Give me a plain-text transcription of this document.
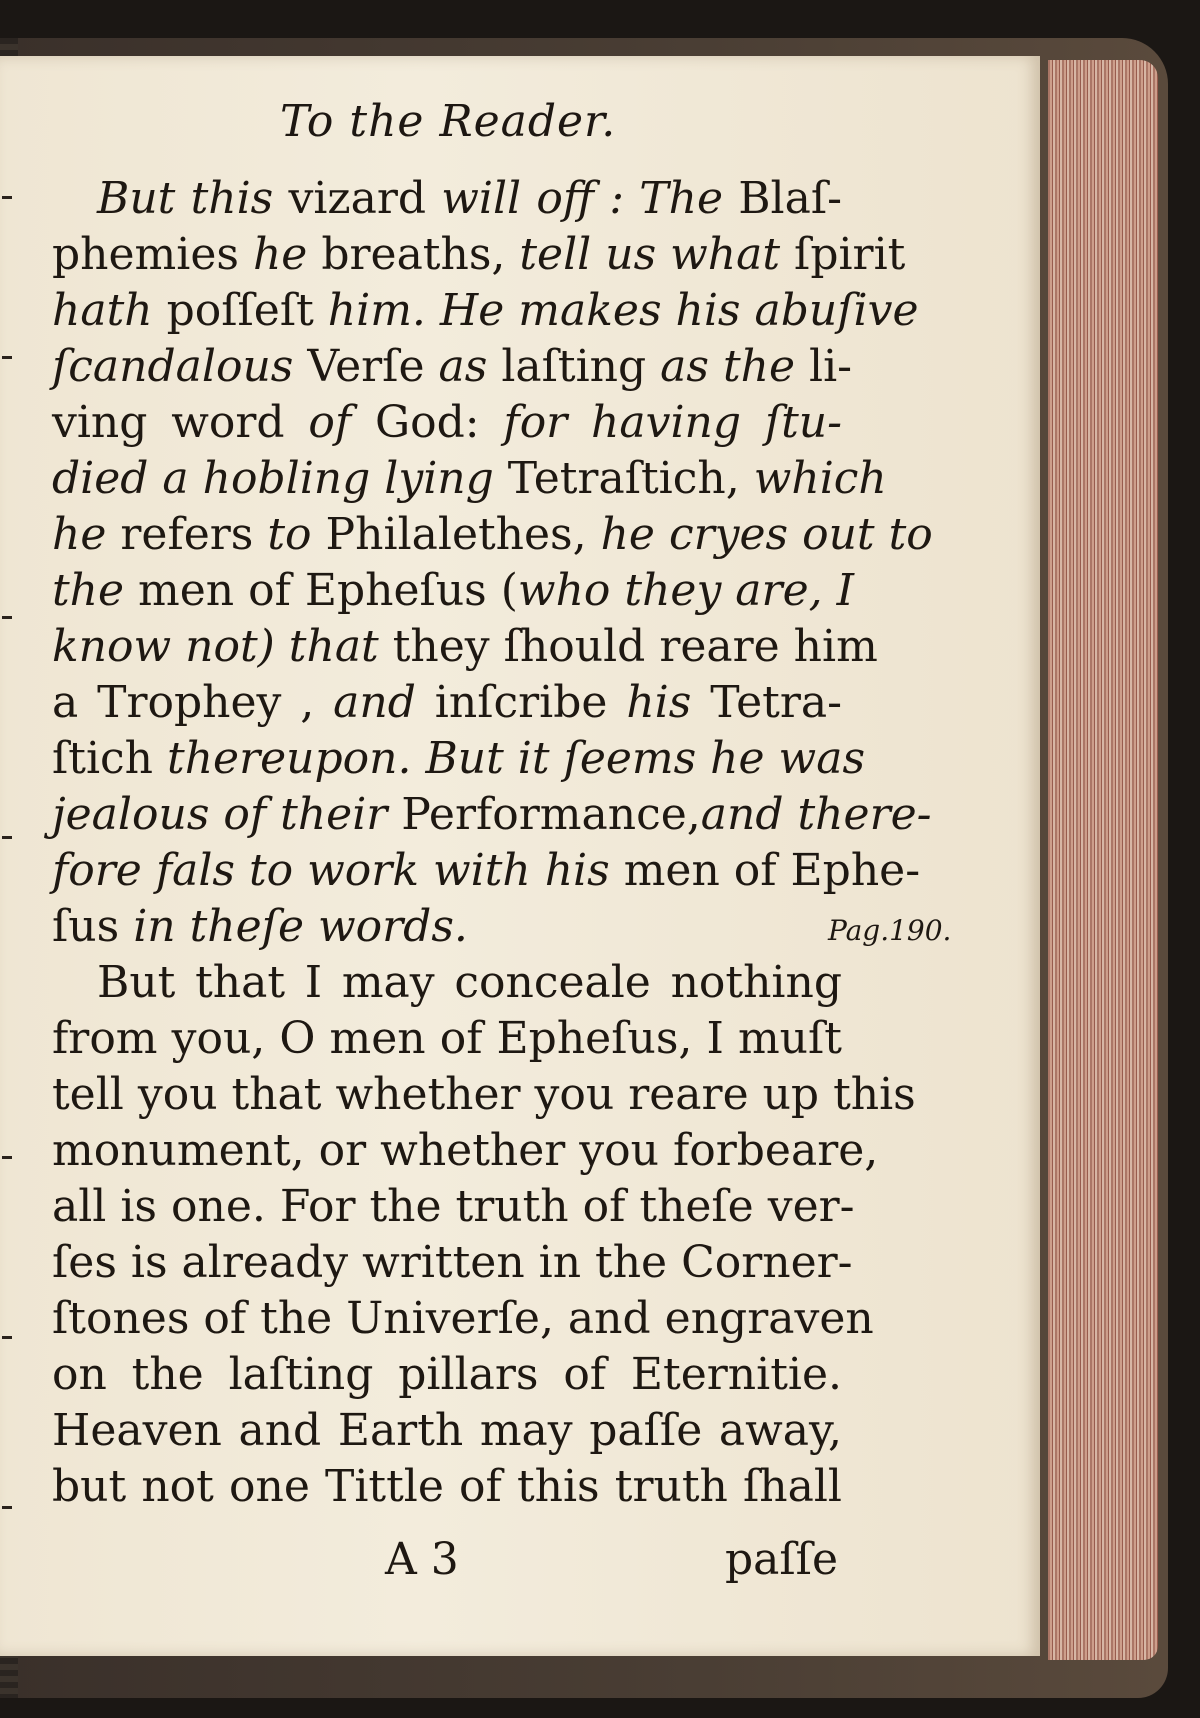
To the Reader.
But this vizard will off : The Blaſ-
phemies he breaths, tell us what ſpirit
hath poſſeſt him. He makes his abuſive
ſcandalous Verſe as laſting as the li-
ving word of God: for having ſtu-
died a hobling lying Tetraſtich, which
he refers to Philalethes, he cryes out to
the men of Epheſus (who they are, I
know not) that they ſhould reare him
a Trophey , and inſcribe his Tetra-
ſtich thereupon. But it ſeems he was
jealous of their Performance,and there-
fore fals to work with his men of Ephe-
ſus in theſe words.
But that I may conceale nothing
from you, O men of Epheſus, I muſt
tell you that whether you reare up this
monument, or whether you forbeare,
all is one. For the truth of theſe ver-
ſes is already written in the Corner-
ſtones of the Univerſe, and engraven
on the laſting pillars of Eternitie.
Heaven and Earth may paſſe away,
but not one Tittle of this truth ſhall
Pag.190.
A 3	paſſe
